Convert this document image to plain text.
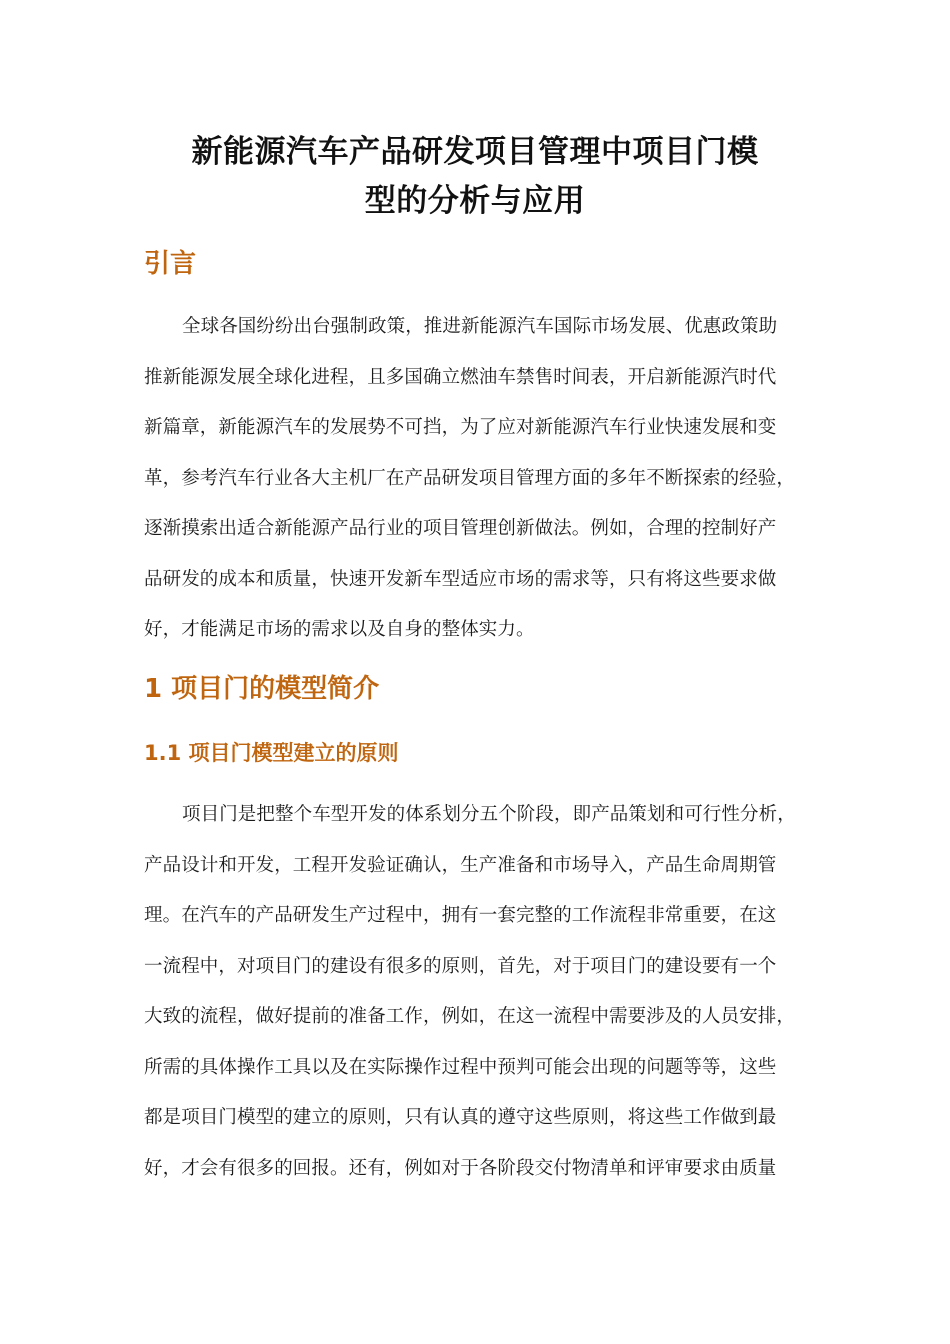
新能源汽车产品研发项目管理中项目门模
型的分析与应用
引言
全球各国纷纷出台强制政策，推进新能源汽车国际市场发展、优惠政策助
推新能源发展全球化进程，且多国确立燃油车禁售时间表，开启新能源汽时代
新篇章，新能源汽车的发展势不可挡，为了应对新能源汽车行业快速发展和变
革，参考汽车行业各大主机厂在产品研发项目管理方面的多年不断探索的经验，
逐渐摸索出适合新能源产品行业的项目管理创新做法。例如，合理的控制好产
品研发的成本和质量，快速开发新车型适应市场的需求等，只有将这些要求做
好，才能满足市场的需求以及自身的整体实力。
1 项目门的模型简介
1.1 项目门模型建立的原则
项目门是把整个车型开发的体系划分五个阶段，即产品策划和可行性分析，
产品设计和开发，工程开发验证确认，生产准备和市场导入，产品生命周期管
理。在汽车的产品研发生产过程中，拥有一套完整的工作流程非常重要，在这
一流程中，对项目门的建设有很多的原则，首先，对于项目门的建设要有一个
大致的流程，做好提前的准备工作，例如，在这一流程中需要涉及的人员安排，
所需的具体操作工具以及在实际操作过程中预判可能会出现的问题等等，这些
都是项目门模型的建立的原则，只有认真的遵守这些原则，将这些工作做到最
好，才会有很多的回报。还有，例如对于各阶段交付物清单和评审要求由质量
